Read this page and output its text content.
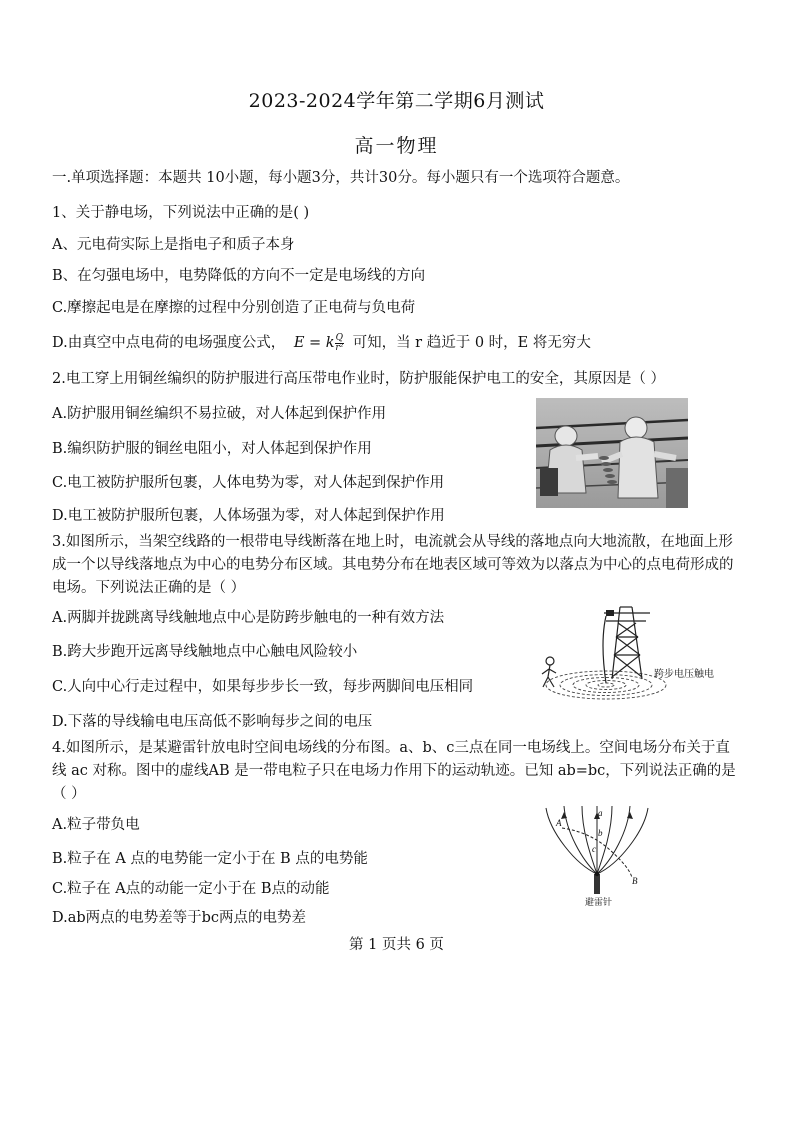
2023-2024学年第二学期6月测试
高一物理
一.单项选择题：本题共 10小题，每小题3分，共计30分。每小题只有一个选项符合题意。
1、关于静电场，下列说法中正确的是( )
A、元电荷实际上是指电子和质子本身
B、在匀强电场中，电势降低的方向不一定是电场线的方向
C.摩擦起电是在摩擦的过程中分别创造了正电荷与负电荷
D.由真空中点电荷的电场强度公式， E = k $\frac{Q}{\text{r²}}$ 可知，当 r 趋近于 0 时，E 将无穷大
2.电工穿上用铜丝编织的防护服进行高压带电作业时，防护服能保护电工的安全，其原因是（ ）
A.防护服用铜丝编织不易拉破，对人体起到保护作用
B.编织防护服的铜丝电阻小，对人体起到保护作用
C.电工被防护服所包裹，人体电势为零，对人体起到保护作用
D.电工被防护服所包裹，人体场强为零，对人体起到保护作用
3.如图所示，当架空线路的一根带电导线断落在地上时，电流就会从导线的落地点向大地流散，在地面上形成一个以导线落地点为中心的电势分布区域。其电势分布在地表区域可等效为以落点为中心的点电荷形成的电场。下列说法正确的是（ ）
A.两脚并拢跳离导线触地点中心是防跨步触电的一种有效方法
B.跨大步跑开远离导线触地点中心触电风险较小
C.人向中心行走过程中，如果每步步长一致，每步两脚间电压相同
D.下落的导线输电电压高低不影响每步之间的电压
跨步电压触电
4.如图所示，是某避雷针放电时空间电场线的分布图。a、b、c三点在同一电场线上。空间电场分布关于直线 ac 对称。图中的虚线AB 是一带电粒子只在电场力作用下的运动轨迹。已知 ab=bc，下列说法正确的是（ ）
A.粒子带负电
B.粒子在 A 点的电势能一定小于在 B 点的电势能
C.粒子在 A点的动能一定小于在 B点的动能
D.ab两点的电势差等于bc两点的电势差
a
b
c
A
B
避雷针
第 1 页共 6 页
